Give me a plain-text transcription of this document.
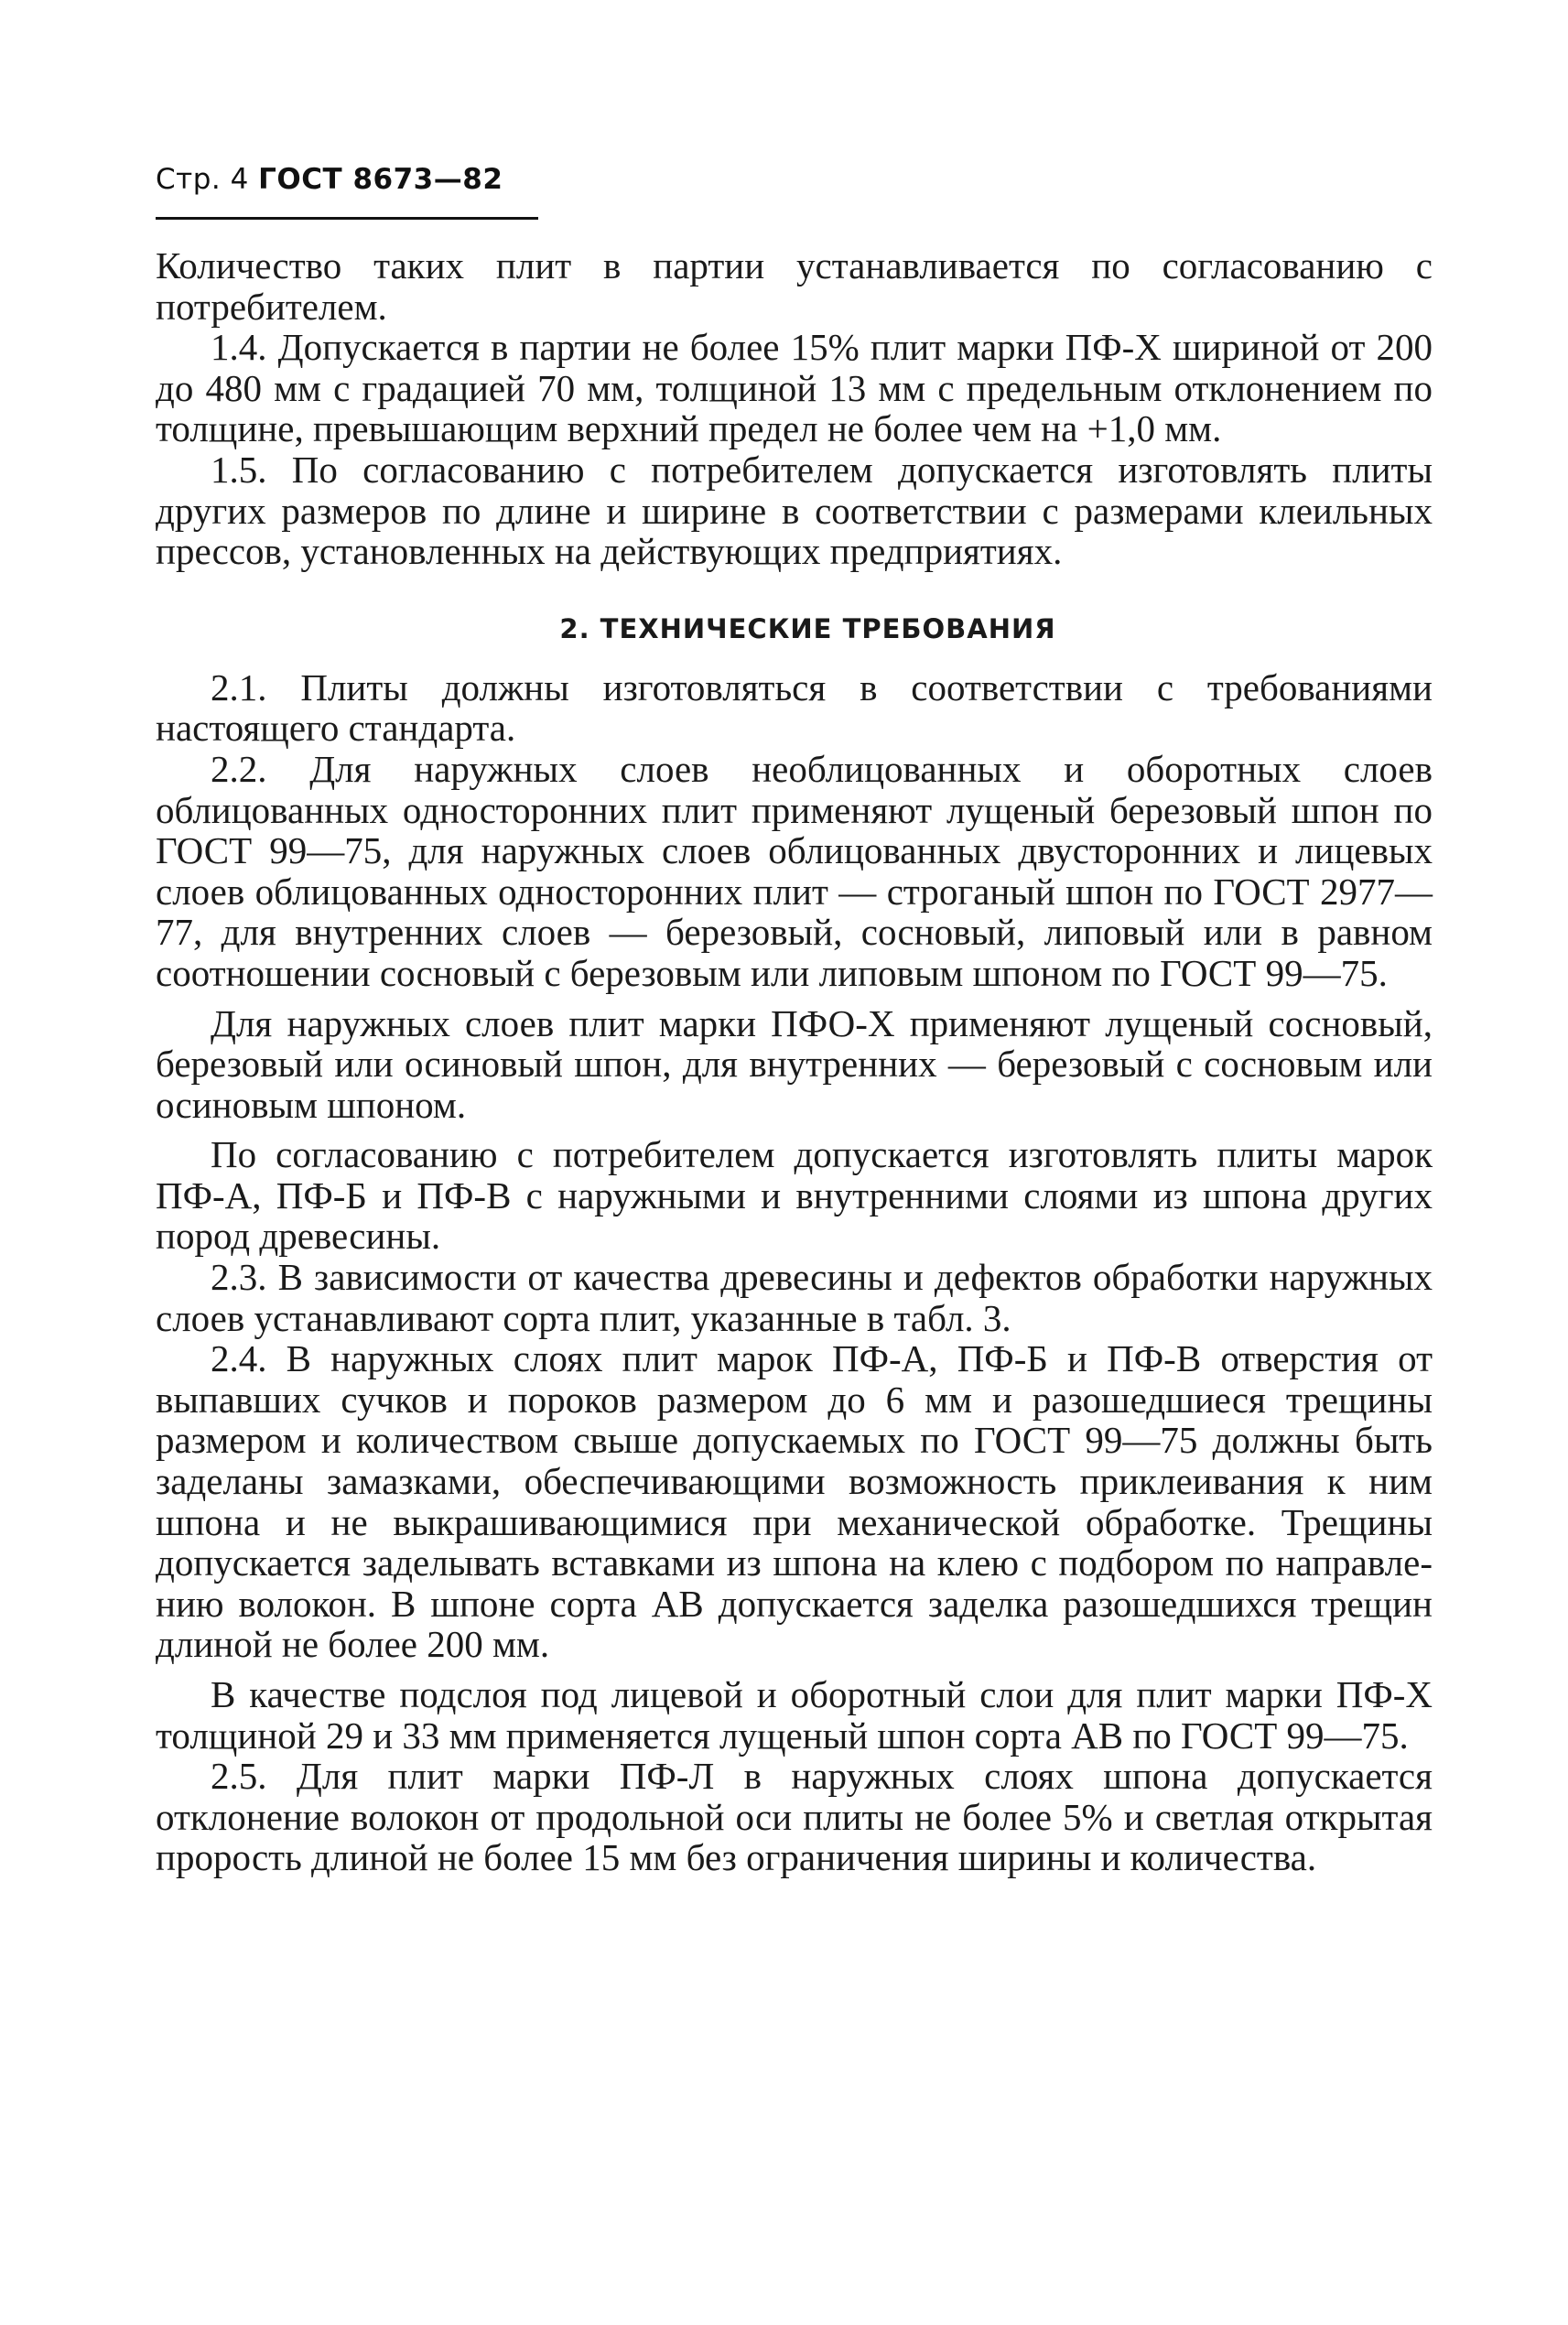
Стр. 4 ГОСТ 8673—82

Количество таких плит в партии устанавливается по согласованию с потребителем.

1.4. Допускается в партии не более 15% плит марки ПФ-Х шириной от 200 до 480 мм с градацией 70 мм, толщиной 13 мм с предельным отклонением по толщине, превышающим верхний предел не более чем на +1,0 мм.

1.5. По согласованию с потребителем допускается изготовлять плиты других размеров по длине и ширине в соответствии с размерами клеильных прессов, установленных на действующих предприятиях.

2. ТЕХНИЧЕСКИЕ ТРЕБОВАНИЯ

2.1. Плиты должны изготовляться в соответствии с требованиями настоящего стандарта.

2.2. Для наружных слоев необлицованных и оборотных слоев облицованных односторонних плит применяют лущеный березовый шпон по ГОСТ 99—75, для наружных слоев облицованных двусторонних и лицевых слоев облицованных односторонних плит — строганый шпон по ГОСТ 2977—77, для внутренних слоев — березовый, сосновый, липовый или в равном соотношении сосновый с березовым или липовым шпоном по ГОСТ 99—75.

Для наружных слоев плит марки ПФО-Х применяют лущеный сосновый, березовый или осиновый шпон, для внутренних — березовый с сосновым или осиновым шпоном.

По согласованию с потребителем допускается изготовлять плиты марок ПФ-А, ПФ-Б и ПФ-В с наружными и внутренними слоями из шпона других пород древесины.

2.3. В зависимости от качества древесины и дефектов обработки наружных слоев устанавливают сорта плит, указанные в табл. 3.

2.4. В наружных слоях плит марок ПФ-А, ПФ-Б и ПФ-В отверстия от выпавших сучков и пороков размером до 6 мм и разошедшиеся трещины размером и количеством свыше допускаемых по ГОСТ 99—75 должны быть заделаны замазками, обеспечивающими возможность приклеивания к ним шпона и не выкрашивающимися при механической обработке. Трещины допускается заделывать вставками из шпона на клею с подбором по направлению волокон. В шпоне сорта АВ допускается заделка разошедшихся трещин длиной не более 200 мм.

В качестве подслоя под лицевой и оборотный слои для плит марки ПФ-Х толщиной 29 и 33 мм применяется лущеный шпон сорта АВ по ГОСТ 99—75.

2.5. Для плит марки ПФ-Л в наружных слоях шпона допускается отклонение волокон от продольной оси плиты не более 5% и светлая открытая прорость длиной не более 15 мм без ограничения ширины и количества.
